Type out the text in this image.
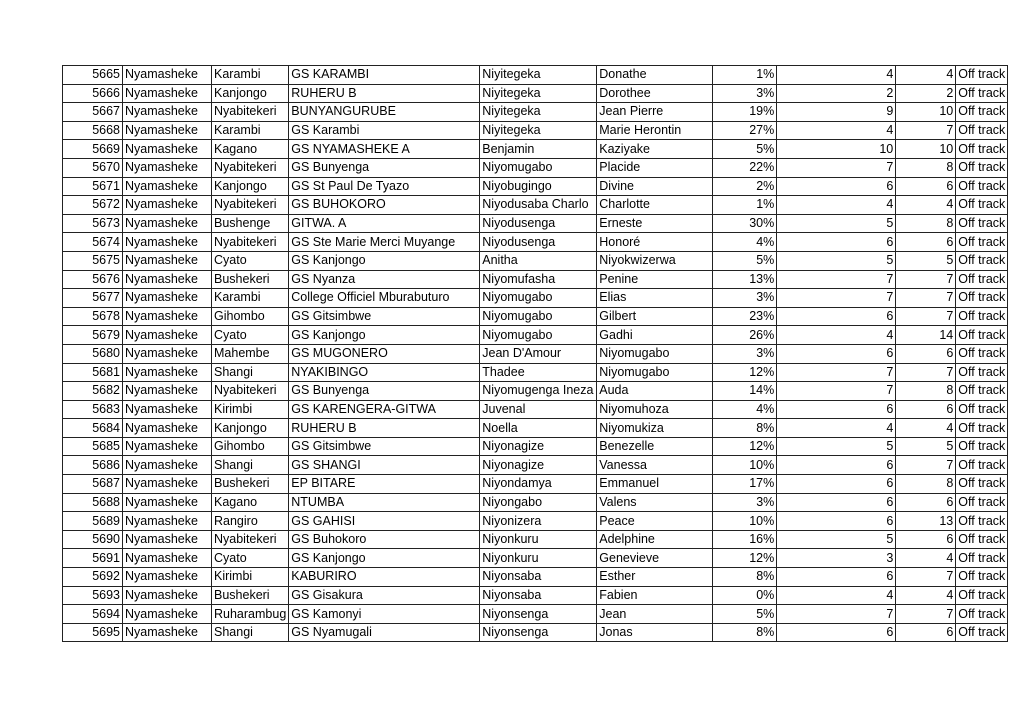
5665	Nyamasheke	Karambi	GS KARAMBI	Niyitegeka	Donathe	1%	4	4	Off track
5666	Nyamasheke	Kanjongo	RUHERU B	Niyitegeka	Dorothee	3%	2	2	Off track
5667	Nyamasheke	Nyabitekeri	BUNYANGURUBE	Niyitegeka	Jean Pierre	19%	9	10	Off track
5668	Nyamasheke	Karambi	GS Karambi	Niyitegeka	Marie Herontin	27%	4	7	Off track
5669	Nyamasheke	Kagano	GS NYAMASHEKE A	Benjamin	Kaziyake	5%	10	10	Off track
5670	Nyamasheke	Nyabitekeri	GS Bunyenga	Niyomugabo	Placide	22%	7	8	Off track
5671	Nyamasheke	Kanjongo	GS St Paul De Tyazo	Niyobugingo	Divine	2%	6	6	Off track
5672	Nyamasheke	Nyabitekeri	GS BUHOKORO	Niyodusaba Charlo	Charlotte	1%	4	4	Off track
5673	Nyamasheke	Bushenge	GITWA. A	Niyodusenga	Erneste	30%	5	8	Off track
5674	Nyamasheke	Nyabitekeri	GS Ste Marie Merci Muyange	Niyodusenga	Honoré	4%	6	6	Off track
5675	Nyamasheke	Cyato	GS Kanjongo	Anitha	Niyokwizerwa	5%	5	5	Off track
5676	Nyamasheke	Bushekeri	GS Nyanza	Niyomufasha	Penine	13%	7	7	Off track
5677	Nyamasheke	Karambi	College Officiel Mburabuturo	Niyomugabo	Elias	3%	7	7	Off track
5678	Nyamasheke	Gihombo	GS Gitsimbwe	Niyomugabo	Gilbert	23%	6	7	Off track
5679	Nyamasheke	Cyato	GS Kanjongo	Niyomugabo	Gadhi	26%	4	14	Off track
5680	Nyamasheke	Mahembe	GS MUGONERO	Jean D'Amour	Niyomugabo	3%	6	6	Off track
5681	Nyamasheke	Shangi	NYAKIBINGO	Thadee	Niyomugabo	12%	7	7	Off track
5682	Nyamasheke	Nyabitekeri	GS Bunyenga	Niyomugenga Ineza	Auda	14%	7	8	Off track
5683	Nyamasheke	Kirimbi	GS KARENGERA-GITWA	Juvenal	Niyomuhoza	4%	6	6	Off track
5684	Nyamasheke	Kanjongo	RUHERU B	Noella	Niyomukiza	8%	4	4	Off track
5685	Nyamasheke	Gihombo	GS Gitsimbwe	Niyonagize	Benezelle	12%	5	5	Off track
5686	Nyamasheke	Shangi	GS SHANGI	Niyonagize	Vanessa	10%	6	7	Off track
5687	Nyamasheke	Bushekeri	EP BITARE	Niyondamya	Emmanuel	17%	6	8	Off track
5688	Nyamasheke	Kagano	NTUMBA	Niyongabo	Valens	3%	6	6	Off track
5689	Nyamasheke	Rangiro	GS GAHISI	Niyonizera	Peace	10%	6	13	Off track
5690	Nyamasheke	Nyabitekeri	GS Buhokoro	Niyonkuru	Adelphine	16%	5	6	Off track
5691	Nyamasheke	Cyato	GS Kanjongo	Niyonkuru	Genevieve	12%	3	4	Off track
5692	Nyamasheke	Kirimbi	KABURIRO	Niyonsaba	Esther	8%	6	7	Off track
5693	Nyamasheke	Bushekeri	GS Gisakura	Niyonsaba	Fabien	0%	4	4	Off track
5694	Nyamasheke	Ruharambug	GS Kamonyi	Niyonsenga	Jean	5%	7	7	Off track
5695	Nyamasheke	Shangi	GS Nyamugali	Niyonsenga	Jonas	8%	6	6	Off track
